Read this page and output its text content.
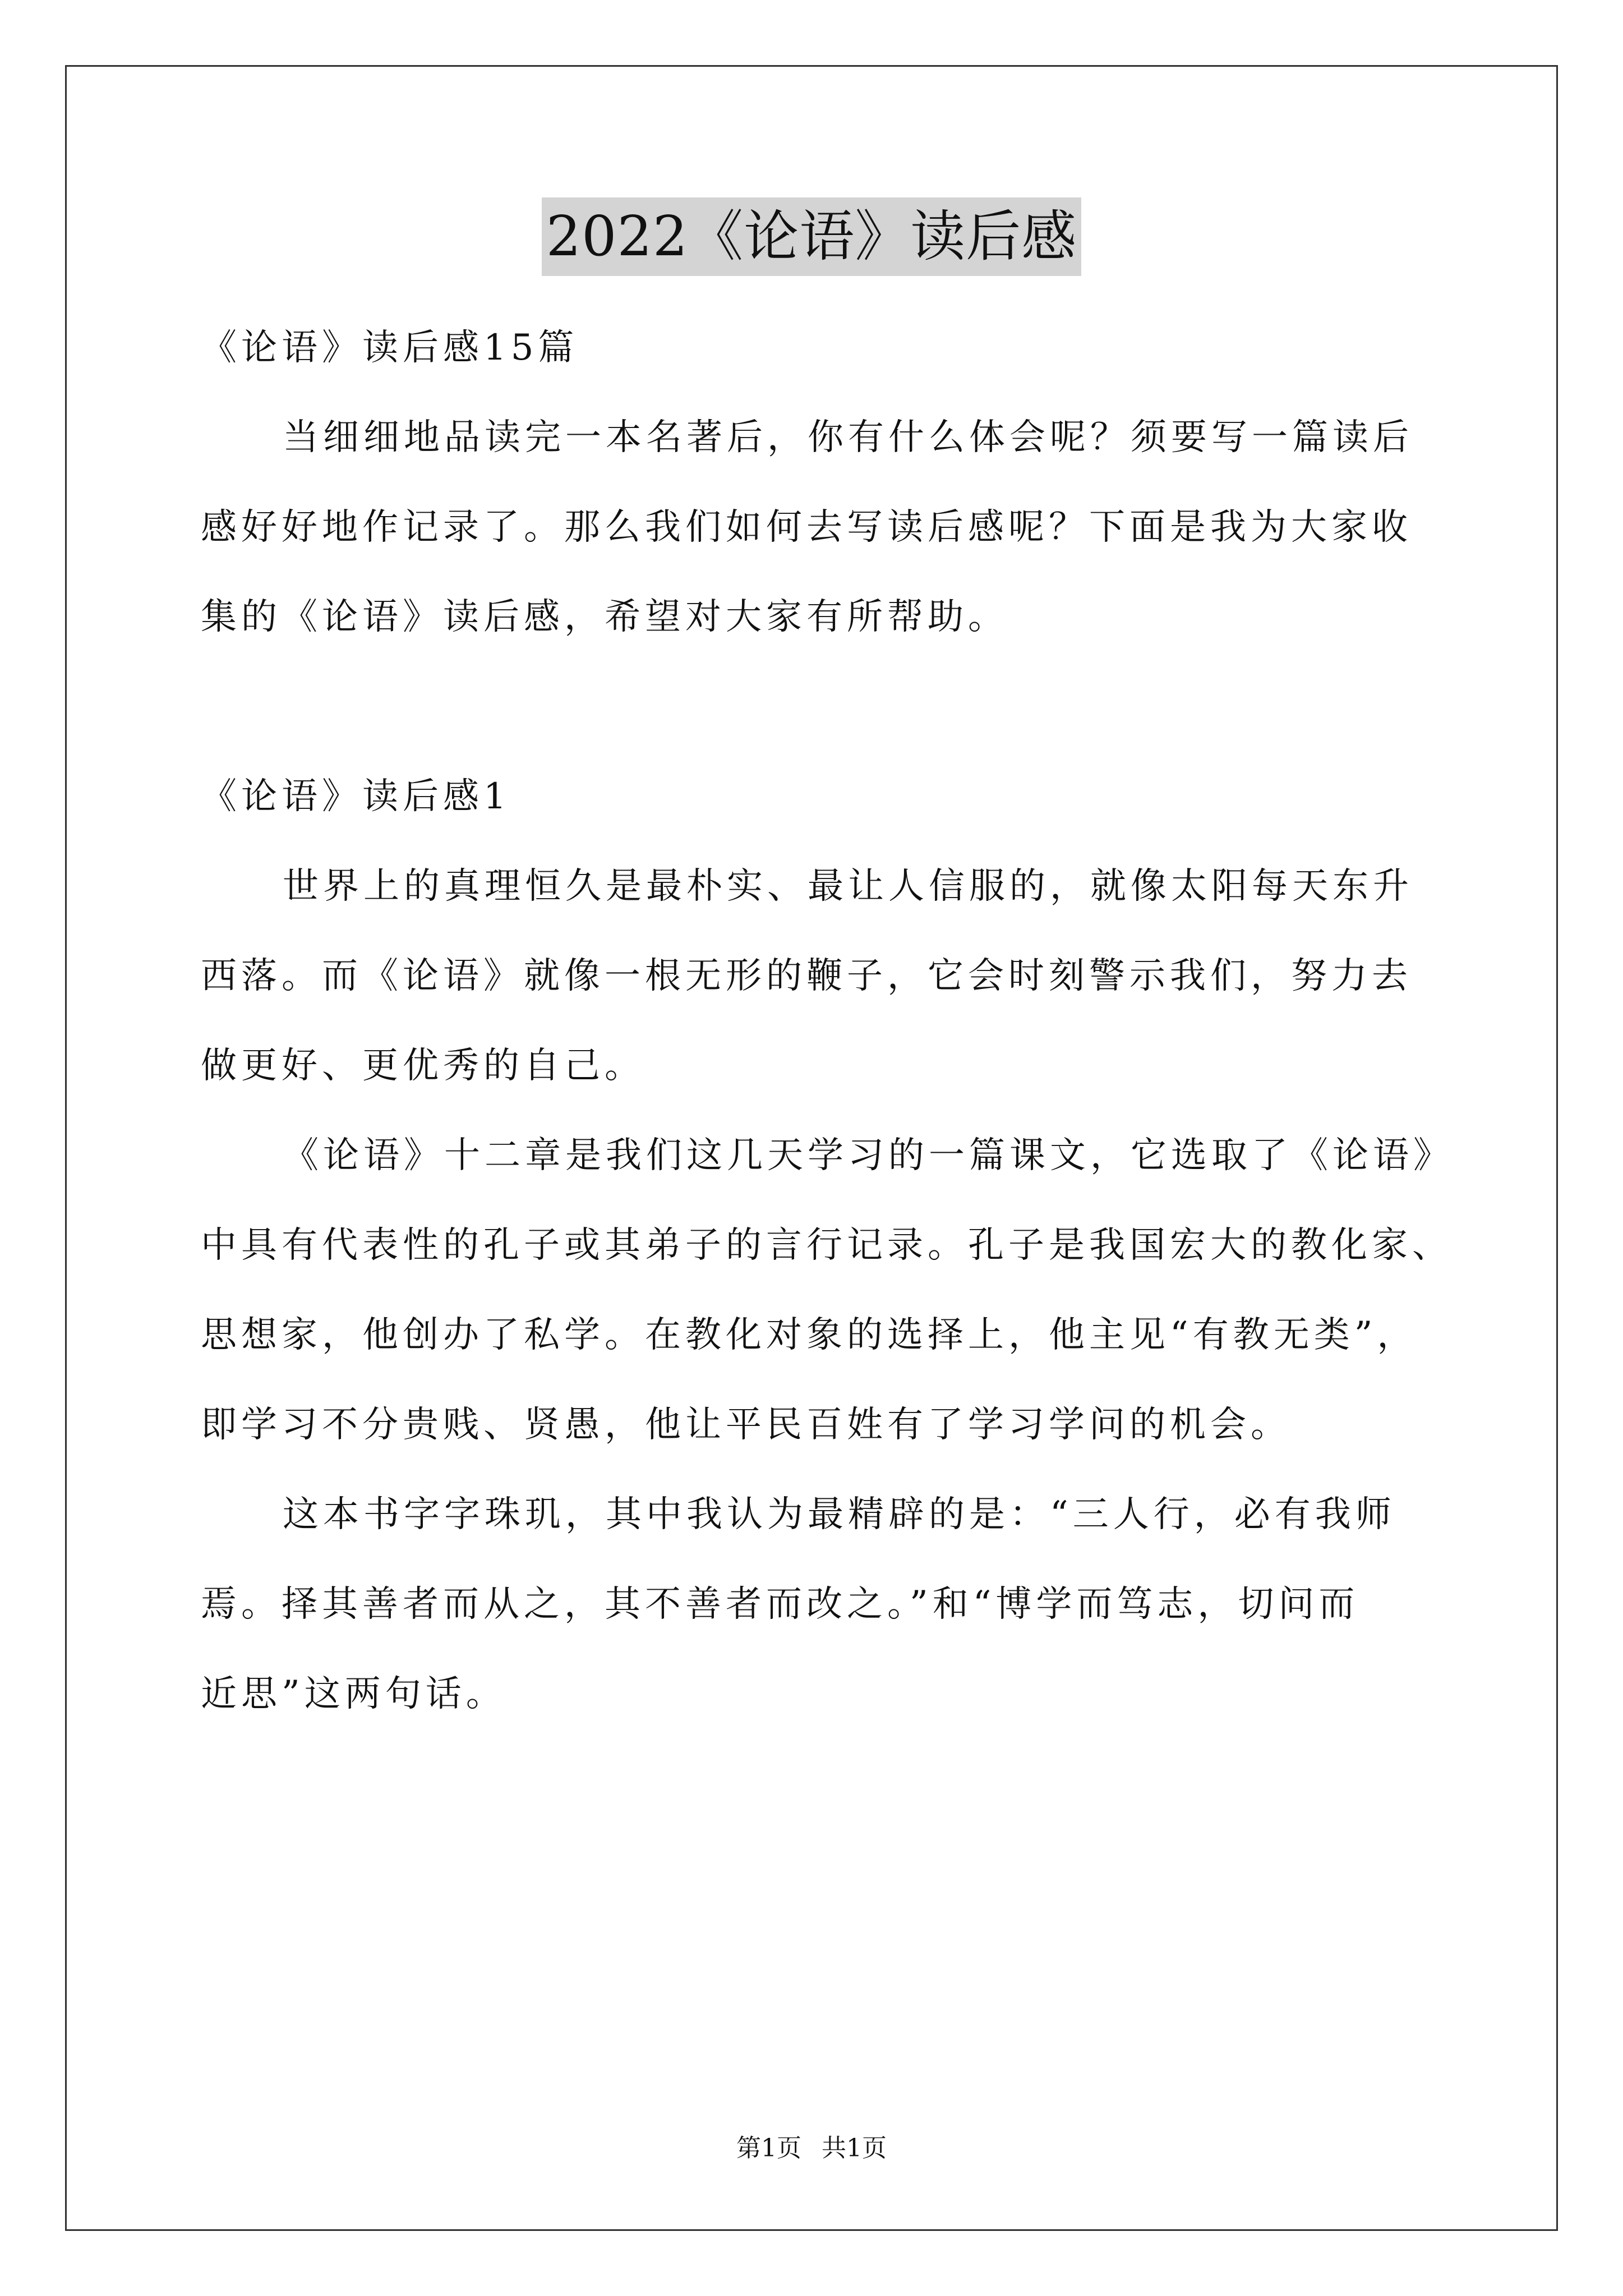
2022《论语》读后感
《论语》读后感15篇
当细细地品读完一本名著后，你有什么体会呢？须要写一篇读后
感好好地作记录了。那么我们如何去写读后感呢？下面是我为大家收
集的《论语》读后感，希望对大家有所帮助。
《论语》读后感1
世界上的真理恒久是最朴实、最让人信服的，就像太阳每天东升
西落。而《论语》就像一根无形的鞭子，它会时刻警示我们，努力去
做更好、更优秀的自己。
《论语》十二章是我们这几天学习的一篇课文，它选取了《论语》
中具有代表性的孔子或其弟子的言行记录。孔子是我国宏大的教化家、
思想家，他创办了私学。在教化对象的选择上，他主见“有教无类”，
即学习不分贵贱、贤愚，他让平民百姓有了学习学问的机会。
这本书字字珠玑，其中我认为最精辟的是：“三人行，必有我师
焉。择其善者而从之，其不善者而改之。”和“博学而笃志，切问而
近思”这两句话。
第1页 共1页
